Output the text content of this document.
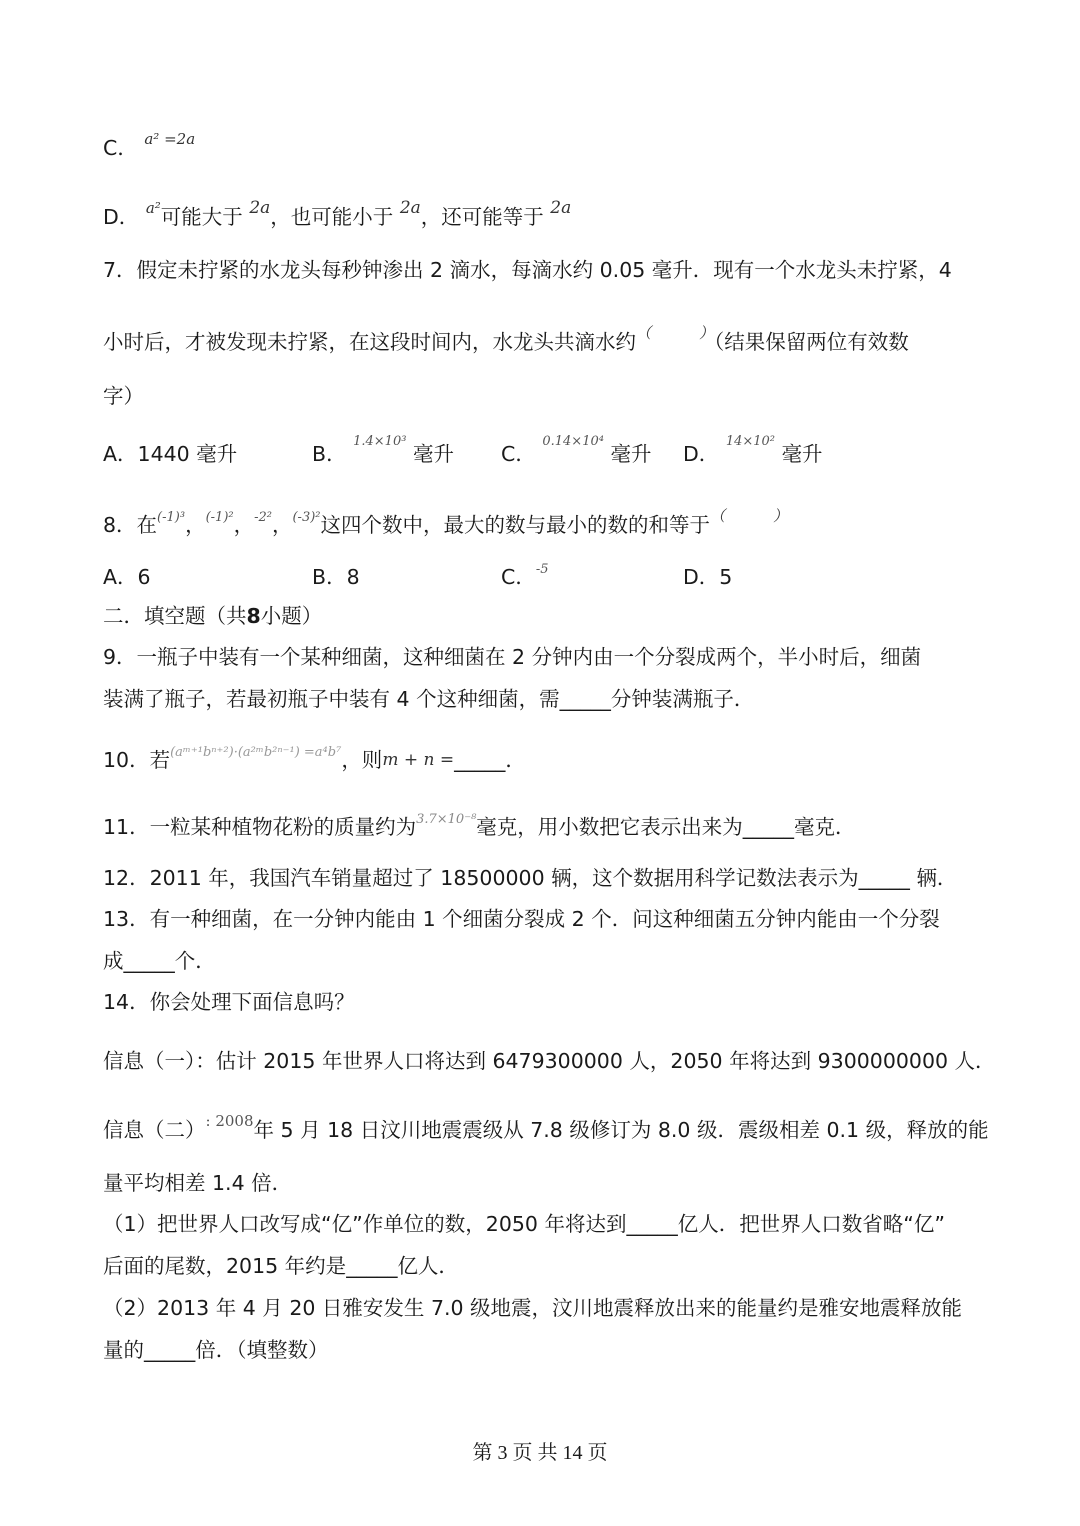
C． $^{a^2 =2a}$
D． $^{a^2}$可能大于 $^{2a}$，也可能小于 $^{2a}$，还可能等于 $^{2a}$
7．假定未拧紧的水龙头每秒钟渗出 2 滴水，每滴水约 0.05 毫升．现有一个水龙头未拧紧，4
小时后，才被发现未拧紧，在这段时间内，水龙头共滴水约（	）（结果保留两位有效数
字）
A．1440 毫升	B． $^{1.4\times 10^3}$ 毫升 C． $^{0.14\times 10^4}$ 毫升 D． $^{14\times 10^2}$ 毫升
8．在$^{(-1)^3}$，$^{(-1)^2}$，$^{-2^2}$，$^{(-3)^2}$这四个数中，最大的数与最小的数的和等于（	）
A．6	B．8	C．$^{-5}$	D．5
二．填空题（共8小题）
9．一瓶子中装有一个某种细菌，这种细菌在 2 分钟内由一个分裂成两个，半小时后，细菌
装满了瓶子，若最初瓶子中装有 4 个这种细菌，需_____分钟装满瓶子．
10．若$^{(aᵐ^{+1}b^{n+2})\cdot(a^2ᵐb^{2n-1}) =a^4b^7}$，则m + n =_____．
11．一粒某种植物花粉的质量约为$^{3.7\times 10^{-8}}$毫克，用小数把它表示出来为_____毫克．
12．2011 年，我国汽车销量超过了 18500000 辆，这个数据用科学记数法表示为_____ 辆．
13．有一种细菌，在一分钟内能由 1 个细菌分裂成 2 个．问这种细菌五分钟内能由一个分裂
成_____个．
14．你会处理下面信息吗？
信息（一）：估计 2015 年世界人口将达到 6479300000 人，2050 年将达到 9300000000 人．
信息（二）$^{: 2008}$年 5 月 18 日汶川地震震级从 7.8 级修订为 8.0 级．震级相差 0.1 级，释放的能
量平均相差 1.4 倍．
（1）把世界人口改写成“亿”作单位的数，2050 年将达到_____亿人．把世界人口数省略“亿”
后面的尾数，2015 年约是_____亿人．
（2）2013 年 4 月 20 日雅安发生 7.0 级地震，汶川地震释放出来的能量约是雅安地震释放能
量的_____倍．（填整数）
第 3 页 共 14 页
